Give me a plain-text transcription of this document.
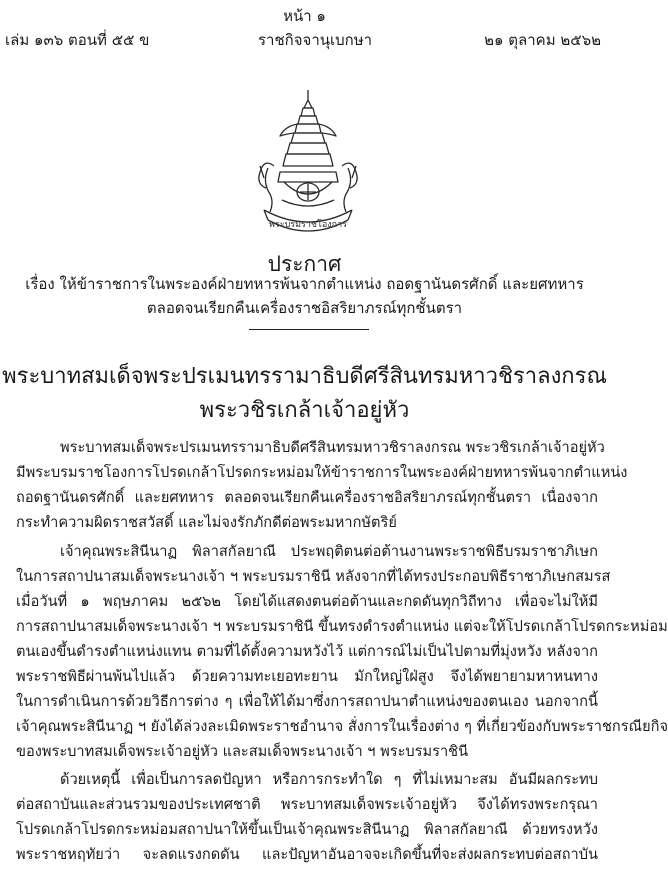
หน้า ๑
เล่ม ๑๓๖ ตอนที่ ๕๕ ข	ราชกิจจานุเบกษา	๒๑ ตุลาคม ๒๕๖๒
พระบรมราชโองการ
ประกาศ
เรื่อง ให้ข้าราชการในพระองค์ฝ่ายทหารพ้นจากตำแหน่ง ถอดฐานันดรศักดิ์ และยศทหาร
ตลอดจนเรียกคืนเครื่องราชอิสริยาภรณ์ทุกชั้นตรา
พระบาทสมเด็จพระปรเมนทรรามาธิบดีศรีสินทรมหาวชิราลงกรณ
พระวชิรเกล้าเจ้าอยู่หัว
พระบาทสมเด็จพระปรเมนทรรามาธิบดีศรีสินทรมหาวชิราลงกรณ พระวชิรเกล้าเจ้าอยู่หัว
มีพระบรมราชโองการโปรดเกล้าโปรดกระหม่อมให้ข้าราชการในพระองค์ฝ่ายทหารพ้นจากตำแหน่ง
ถอดฐานันดรศักดิ์ และยศทหาร ตลอดจนเรียกคืนเครื่องราชอิสริยาภรณ์ทุกชั้นตรา เนื่องจาก
กระทำความผิดราชสวัสดิ์ และไม่จงรักภักดีต่อพระมหากษัตริย์
เจ้าคุณพระสินีนาฏ พิลาสกัลยาณี ประพฤติตนต่อต้านงานพระราชพิธีบรมราชาภิเษก
ในการสถาปนาสมเด็จพระนางเจ้า ฯ พระบรมราชินี หลังจากที่ได้ทรงประกอบพิธีราชาภิเษกสมรส
เมื่อวันที่ ๑ พฤษภาคม ๒๕๖๒ โดยได้แสดงตนต่อต้านและกดดันทุกวิถีทาง เพื่อจะไม่ให้มี
การสถาปนาสมเด็จพระนางเจ้า ฯ พระบรมราชินี ขึ้นทรงดำรงตำแหน่ง แต่จะให้โปรดเกล้าโปรดกระหม่อม
ตนเองขึ้นดำรงตำแหน่งแทน ตามที่ได้ตั้งความหวังไว้ แต่การณ์ไม่เป็นไปตามที่มุ่งหวัง หลังจาก
พระราชพิธีผ่านพ้นไปแล้ว ด้วยความทะเยอทะยาน มักใหญ่ใฝ่สูง จึงได้พยายามหาหนทาง
ในการดำเนินการด้วยวิธีการต่าง ๆ เพื่อให้ได้มาซึ่งการสถาปนาตำแหน่งของตนเอง นอกจากนี้
เจ้าคุณพระสินีนาฏ ฯ ยังได้ล่วงละเมิดพระราชอำนาจ สั่งการในเรื่องต่าง ๆ ที่เกี่ยวข้องกับพระราชกรณียกิจ
ของพระบาทสมเด็จพระเจ้าอยู่หัว และสมเด็จพระนางเจ้า ฯ พระบรมราชินี
ด้วยเหตุนี้ เพื่อเป็นการลดปัญหา หรือการกระทำใด ๆ ที่ไม่เหมาะสม อันมีผลกระทบ
ต่อสถาบันและส่วนรวมของประเทศชาติ พระบาทสมเด็จพระเจ้าอยู่หัว จึงได้ทรงพระกรุณา
โปรดเกล้าโปรดกระหม่อมสถาปนาให้ขึ้นเป็นเจ้าคุณพระสินีนาฏ พิลาสกัลยาณี ด้วยทรงหวัง
พระราชหฤทัยว่า จะลดแรงกดดัน และปัญหาอันอาจจะเกิดขึ้นที่จะส่งผลกระทบต่อสถาบัน
